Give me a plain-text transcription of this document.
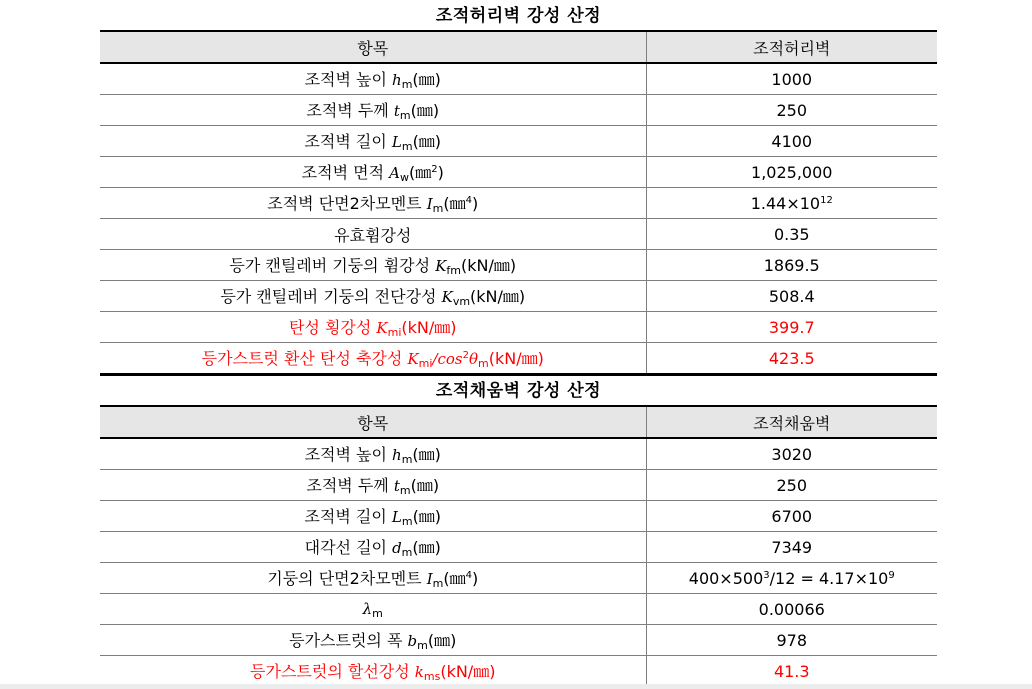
조적허리벽 강성 산정
항목	조적허리벽
조적벽 높이 $h_m(㎜)$	1000
조적벽 두께 $t_m(㎜)$	250
조적벽 길이 $L_m(㎜)$	4100
조적벽 면적 $A_w(㎜^2)$	1,025,000
조적벽 단면2차모멘트 $I_m(㎜^4)$	$1.44\times 10^{12}$
유효휨강성	0.35
등가 캔틸레버 기둥의 휨강성 $K_{fm}(kN/㎜)$	1869.5
등가 캔틸레버 기둥의 전단강성 $K_{vm}(kN/㎜)$	508.4
탄성 횡강성 $K_{mi}(kN/㎜)$	399.7
등가스트럿 환산 탄성 축강성 $K_{mi}/\cos^2\theta_m(kN/㎜)$	423.5
조적채움벽 강성 산정
항목	조적채움벽
조적벽 높이 $h_m(㎜)$	3020
조적벽 두께 $t_m(㎜)$	250
조적벽 길이 $L_m(㎜)$	6700
대각선 길이 $d_m(㎜)$	7349
기둥의 단면2차모멘트 $I_m(㎜^4)$	$400\times 500^3/12 = 4.17\times 10^9$
$\lambda_m$	0.00066
등가스트럿의 폭 $b_m(㎜)$	978
등가스트럿의 할선강성 $k_{ms}(kN/㎜)$	41.3
